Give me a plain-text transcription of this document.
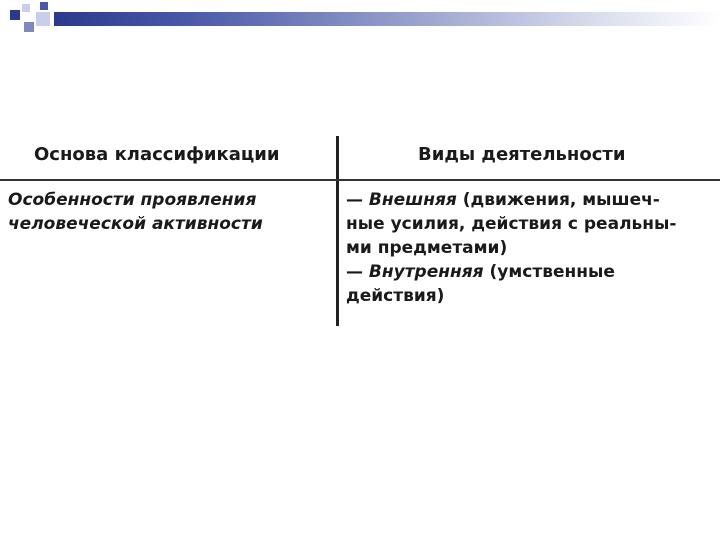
Основа классификации	Виды деятельности
Особенности проявления
человеческой активности
— Внешняя (движения, мышеч-
ные усилия, действия с реальны-
ми предметами)
— Внутренняя (умственные
действия)
